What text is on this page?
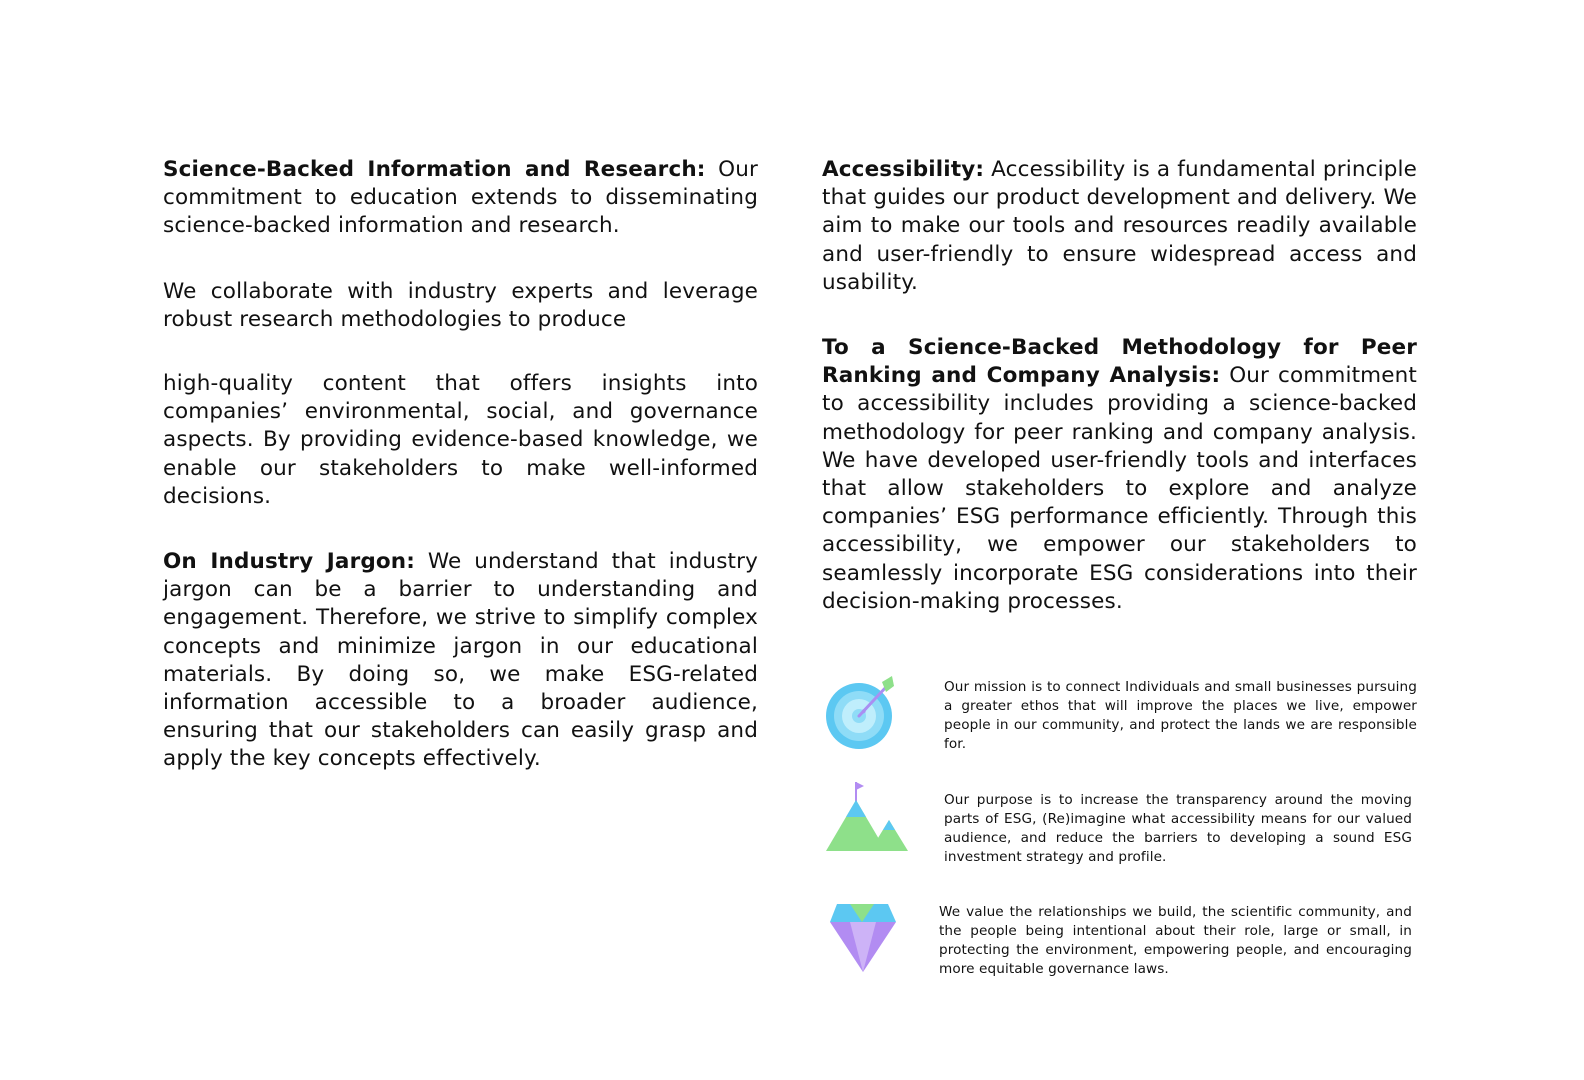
Science-Backed Information and Research: Our commitment to education extends to disseminating science-backed information and research.

We collaborate with industry experts and leverage robust research methodologies to produce

high-quality content that offers insights into companies’ environmental, social, and governance aspects. By providing evidence-based knowledge, we enable our stakeholders to make well-informed decisions.

On Industry Jargon: We understand that industry jargon can be a barrier to understanding and engagement. Therefore, we strive to simplify complex concepts and minimize jargon in our educational materials. By doing so, we make ESG-related information accessible to a broader audience, ensuring that our stakeholders can easily grasp and apply the key concepts effectively.

Accessibility: Accessibility is a fundamental principle that guides our product development and delivery. We aim to make our tools and resources readily available and user-friendly to ensure widespread access and usability.

To a Science-Backed Methodology for Peer Ranking and Company Analysis: Our commitment to accessibility includes providing a science-backed methodology for peer ranking and company analysis. We have developed user-friendly tools and interfaces that allow stakeholders to explore and analyze companies’ ESG performance efficiently. Through this accessibility, we empower our stakeholders to seamlessly incorporate ESG considerations into their decision-making processes.

Our mission is to connect Individuals and small businesses pursuing a greater ethos that will improve the places we live, empower people in our community, and protect the lands we are responsible for.

Our purpose is to increase the transparency around the moving parts of ESG, (Re)imagine what accessibility means for our valued audience, and reduce the barriers to developing a sound ESG investment strategy and profile.

We value the relationships we build, the scientific community, and the people being intentional about their role, large or small, in protecting the environment, empowering people, and encouraging more equitable governance laws.
